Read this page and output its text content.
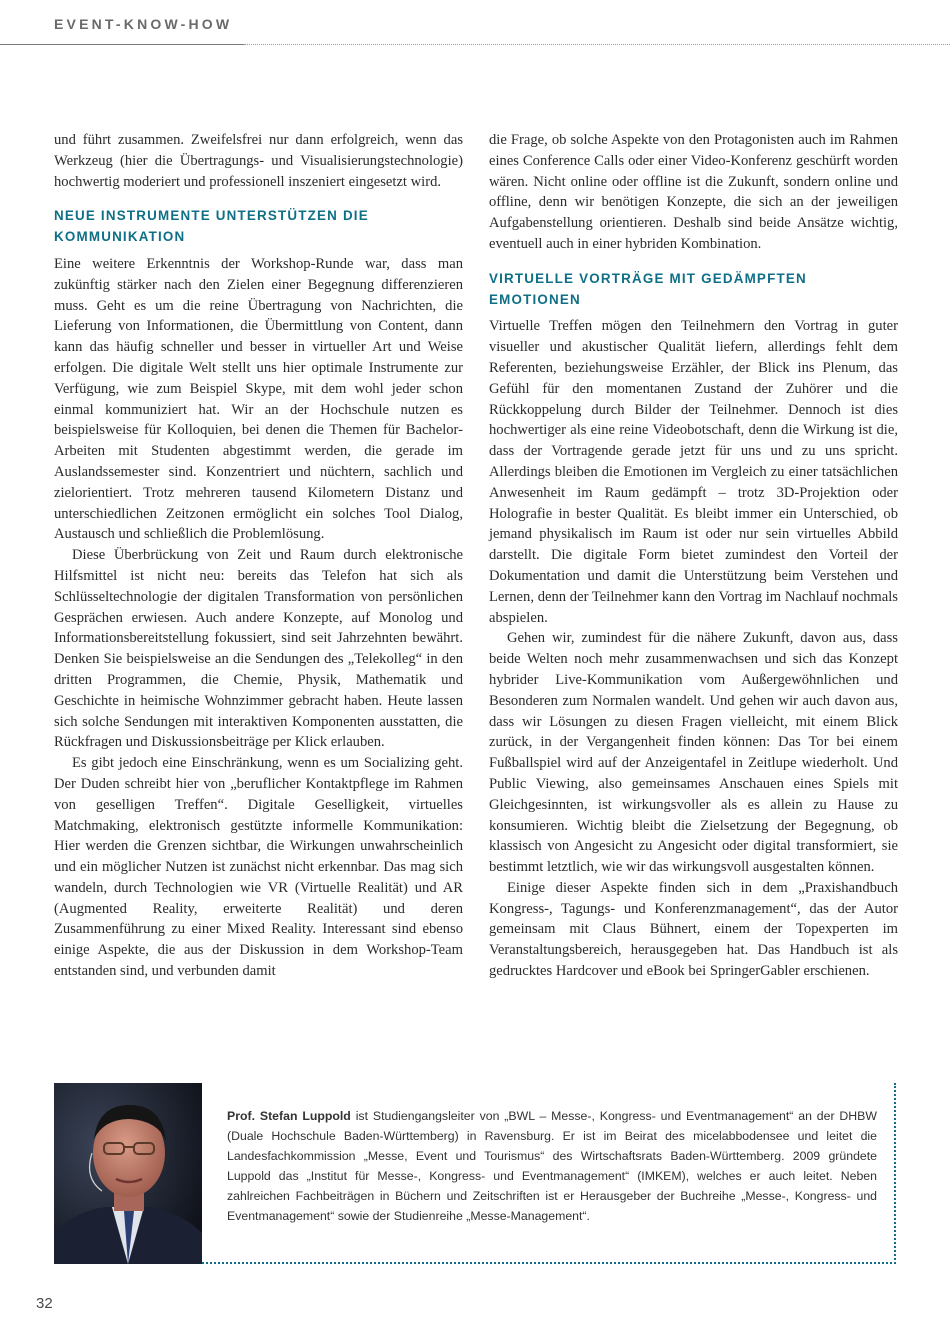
EVENT-KNOW-HOW

und führt zusammen. Zweifelsfrei nur dann erfolgreich, wenn das Werkzeug (hier die Übertragungs- und Visualisierungstechnologie) hochwertig moderiert und professionell inszeniert eingesetzt wird.

NEUE INSTRUMENTE UNTERSTÜTZEN DIE KOMMUNIKATION

Eine weitere Erkenntnis der Workshop-Runde war, dass man zukünftig stärker nach den Zielen einer Begegnung differenzieren muss. Geht es um die reine Übertragung von Nachrichten, die Lieferung von Informationen, die Übermittlung von Content, dann kann das häufig schneller und besser in virtueller Art und Weise erfolgen. Die digitale Welt stellt uns hier optimale Instrumente zur Verfügung, wie zum Beispiel Skype, mit dem wohl jeder schon einmal kommuniziert hat. Wir an der Hochschule nutzen es beispielsweise für Kolloquien, bei denen die Themen für Bachelor-Arbeiten mit Studenten abgestimmt werden, die gerade im Auslandssemester sind. Konzentriert und nüchtern, sachlich und zielorientiert. Trotz mehreren tausend Kilometern Distanz und unterschiedlichen Zeitzonen ermöglicht ein solches Tool Dialog, Austausch und schließlich die Problemlösung.

Diese Überbrückung von Zeit und Raum durch elektronische Hilfsmittel ist nicht neu: bereits das Telefon hat sich als Schlüsseltechnologie der digitalen Transformation von persönlichen Gesprächen erwiesen. Auch andere Konzepte, auf Monolog und Informationsbereitstellung fokussiert, sind seit Jahrzehnten bewährt. Denken Sie beispielsweise an die Sendungen des „Telekolleg“ in den dritten Programmen, die Chemie, Physik, Mathematik und Geschichte in heimische Wohnzimmer gebracht haben. Heute lassen sich solche Sendungen mit interaktiven Komponenten ausstatten, die Rückfragen und Diskussionsbeiträge per Klick erlauben.

Es gibt jedoch eine Einschränkung, wenn es um Socializing geht. Der Duden schreibt hier von „beruflicher Kontaktpflege im Rahmen von geselligen Treffen“. Digitale Geselligkeit, virtuelles Matchmaking, elektronisch gestützte informelle Kommunikation: Hier werden die Grenzen sichtbar, die Wirkungen unwahrscheinlich und ein möglicher Nutzen ist zunächst nicht erkennbar. Das mag sich wandeln, durch Technologien wie VR (Virtuelle Realität) und AR (Augmented Reality, erweiterte Realität) und deren Zusammenführung zu einer Mixed Reality. Interessant sind ebenso einige Aspekte, die aus der Diskussion in dem Workshop-Team entstanden sind, und verbunden damit

die Frage, ob solche Aspekte von den Protagonisten auch im Rahmen eines Conference Calls oder einer Video-Konferenz geschürft worden wären. Nicht online oder offline ist die Zukunft, sondern online und offline, denn wir benötigen Konzepte, die sich an der jeweiligen Aufgabenstellung orientieren. Deshalb sind beide Ansätze wichtig, eventuell auch in einer hybriden Kombination.

VIRTUELLE VORTRÄGE MIT GEDÄMPFTEN EMOTIONEN

Virtuelle Treffen mögen den Teilnehmern den Vortrag in guter visueller und akustischer Qualität liefern, allerdings fehlt dem Referenten, beziehungsweise Erzähler, der Blick ins Plenum, das Gefühl für den momentanen Zustand der Zuhörer und die Rückkoppelung durch Bilder der Teilnehmer. Dennoch ist dies hochwertiger als eine reine Videobotschaft, denn die Wirkung ist die, dass der Vortragende gerade jetzt für uns und zu uns spricht. Allerdings bleiben die Emotionen im Vergleich zu einer tatsächlichen Anwesenheit im Raum gedämpft – trotz 3D-Projektion oder Holografie in bester Qualität. Es bleibt immer ein Unterschied, ob jemand physikalisch im Raum ist oder nur sein virtuelles Abbild darstellt. Die digitale Form bietet zumindest den Vorteil der Dokumentation und damit die Unterstützung beim Verstehen und Lernen, denn der Teilnehmer kann den Vortrag im Nachlauf nochmals abspielen.

Gehen wir, zumindest für die nähere Zukunft, davon aus, dass beide Welten noch mehr zusammenwachsen und sich das Konzept hybrider Live-Kommunikation vom Außergewöhnlichen und Besonderen zum Normalen wandelt. Und gehen wir auch davon aus, dass wir Lösungen zu diesen Fragen vielleicht, mit einem Blick zurück, in der Vergangenheit finden können: Das Tor bei einem Fußballspiel wird auf der Anzeigentafel in Zeitlupe wiederholt. Und Public Viewing, also gemeinsames Anschauen eines Spiels mit Gleichgesinnten, ist wirkungsvoller als es allein zu Hause zu konsumieren. Wichtig bleibt die Zielsetzung der Begegnung, ob klassisch von Angesicht zu Angesicht oder digital transformiert, sie bestimmt letztlich, wie wir das wirkungsvoll ausgestalten können.

Einige dieser Aspekte finden sich in dem „Praxishandbuch Kongress-, Tagungs- und Konferenzmanagement“, das der Autor gemeinsam mit Claus Bühnert, einem der Topexperten im Veranstaltungsbereich, herausgegeben hat. Das Handbuch ist als gedrucktes Hardcover und eBook bei SpringerGabler erschienen.

Prof. Stefan Luppold ist Studiengangsleiter von „BWL – Messe-, Kongress- und Eventmanagement“ an der DHBW (Duale Hochschule Baden-Württemberg) in Ravensburg. Er ist im Beirat des micelabbodensee und leitet die Landesfachkommission „Messe, Event und Tourismus“ des Wirtschaftsrats Baden-Württemberg. 2009 gründete Luppold das „Institut für Messe-, Kongress- und Eventmanagement“ (IMKEM), welches er auch leitet. Neben zahlreichen Fachbeiträgen in Büchern und Zeitschriften ist er Herausgeber der Buchreihe „Messe-, Kongress- und Eventmanagement“ sowie der Studienreihe „Messe-Management“.
32
